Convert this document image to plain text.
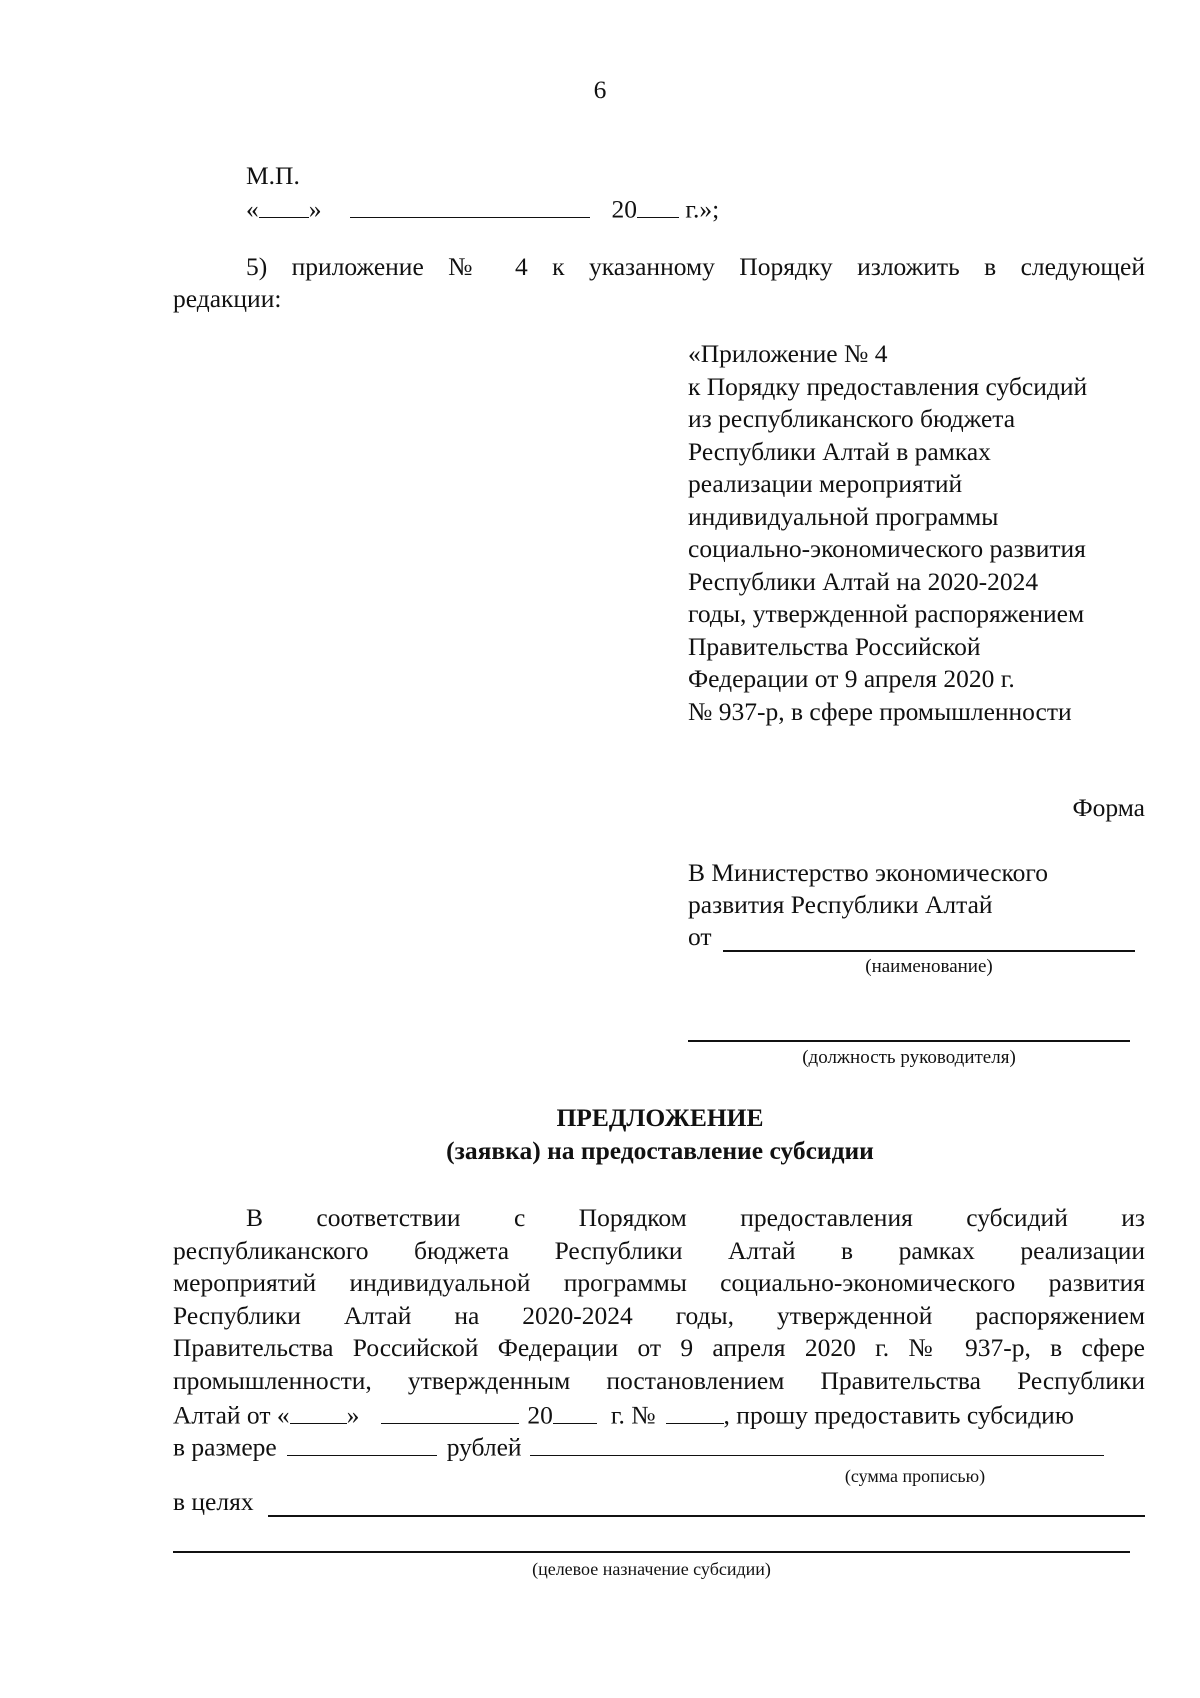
6
М.П.
« »	20 г.»;
5) приложение № 4 к указанному Порядку изложить в следующей
редакции:
«Приложение № 4
к Порядку предоставления субсидий
из республиканского бюджета
Республики Алтай в рамках
реализации мероприятий
индивидуальной программы
социально-экономического развития
Республики Алтай на 2020-2024
годы, утвержденной распоряжением
Правительства Российской
Федерации от 9 апреля 2020 г.
№ 937-р, в сфере промышленности
Форма
В Министерство экономического
развития Республики Алтай
от
(наименование)
(должность руководителя)
ПРЕДЛОЖЕНИЕ
(заявка) на предоставление субсидии
В соответствии с Порядком предоставления субсидий из
республиканского бюджета Республики Алтай в рамках реализации
мероприятий индивидуальной программы социально-экономического развития
Республики Алтай на 2020-2024 годы, утвержденной распоряжением
Правительства Российской Федерации от 9 апреля 2020 г. № 937-р, в сфере
промышленности, утвержденным постановлением Правительства Республики
Алтай от « »	20 г. №	, прошу предоставить субсидию
в размере	рублей
(сумма прописью)
в целях
(целевое назначение субсидии)
